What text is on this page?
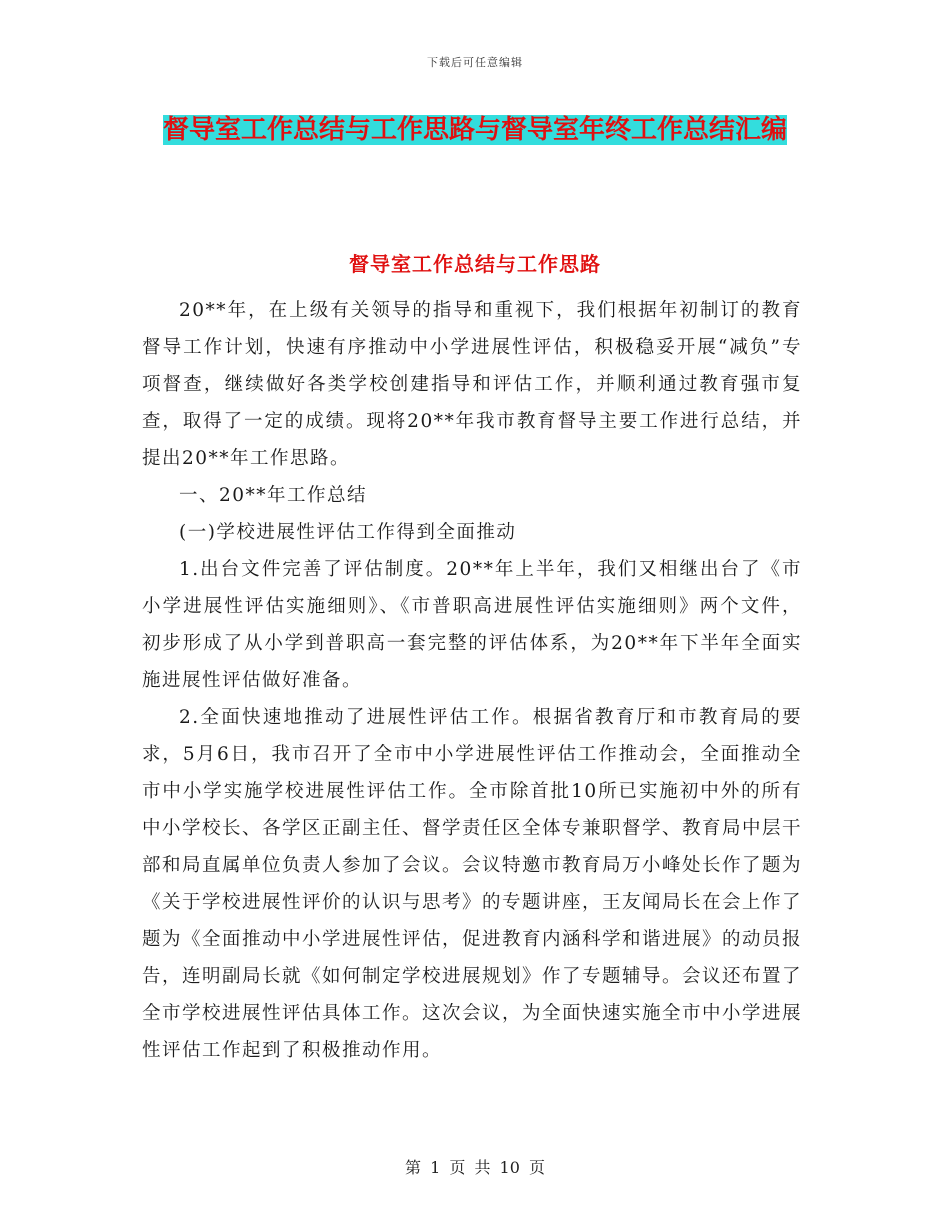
下载后可任意编辑
督导室工作总结与工作思路与督导室年终工作总结汇编
督导室工作总结与工作思路

20**年，在上级有关领导的指导和重视下，我们根据年初制订的教育督导工作计划，快速有序推动中小学进展性评估，积极稳妥开展“减负”专项督查，继续做好各类学校创建指导和评估工作，并顺利通过教育强市复查，取得了一定的成绩。现将20**年我市教育督导主要工作进行总结，并提出20**年工作思路。

一、20**年工作总结

(一)学校进展性评估工作得到全面推动

1.出台文件完善了评估制度。20**年上半年，我们又相继出台了《市小学进展性评估实施细则》、《市普职高进展性评估实施细则》两个文件，初步形成了从小学到普职高一套完整的评估体系，为20**年下半年全面实施进展性评估做好准备。

2.全面快速地推动了进展性评估工作。根据省教育厅和市教育局的要求，5月6日，我市召开了全市中小学进展性评估工作推动会，全面推动全市中小学实施学校进展性评估工作。全市除首批10所已实施初中外的所有中小学校长、各学区正副主任、督学责任区全体专兼职督学、教育局中层干部和局直属单位负责人参加了会议。会议特邀市教育局万小峰处长作了题为《关于学校进展性评价的认识与思考》的专题讲座，王友闻局长在会上作了题为《全面推动中小学进展性评估，促进教育内涵科学和谐进展》的动员报告，连明副局长就《如何制定学校进展规划》作了专题辅导。会议还布置了全市学校进展性评估具体工作。这次会议，为全面快速实施全市中小学进展性评估工作起到了积极推动作用。

第 1 页 共 10 页
